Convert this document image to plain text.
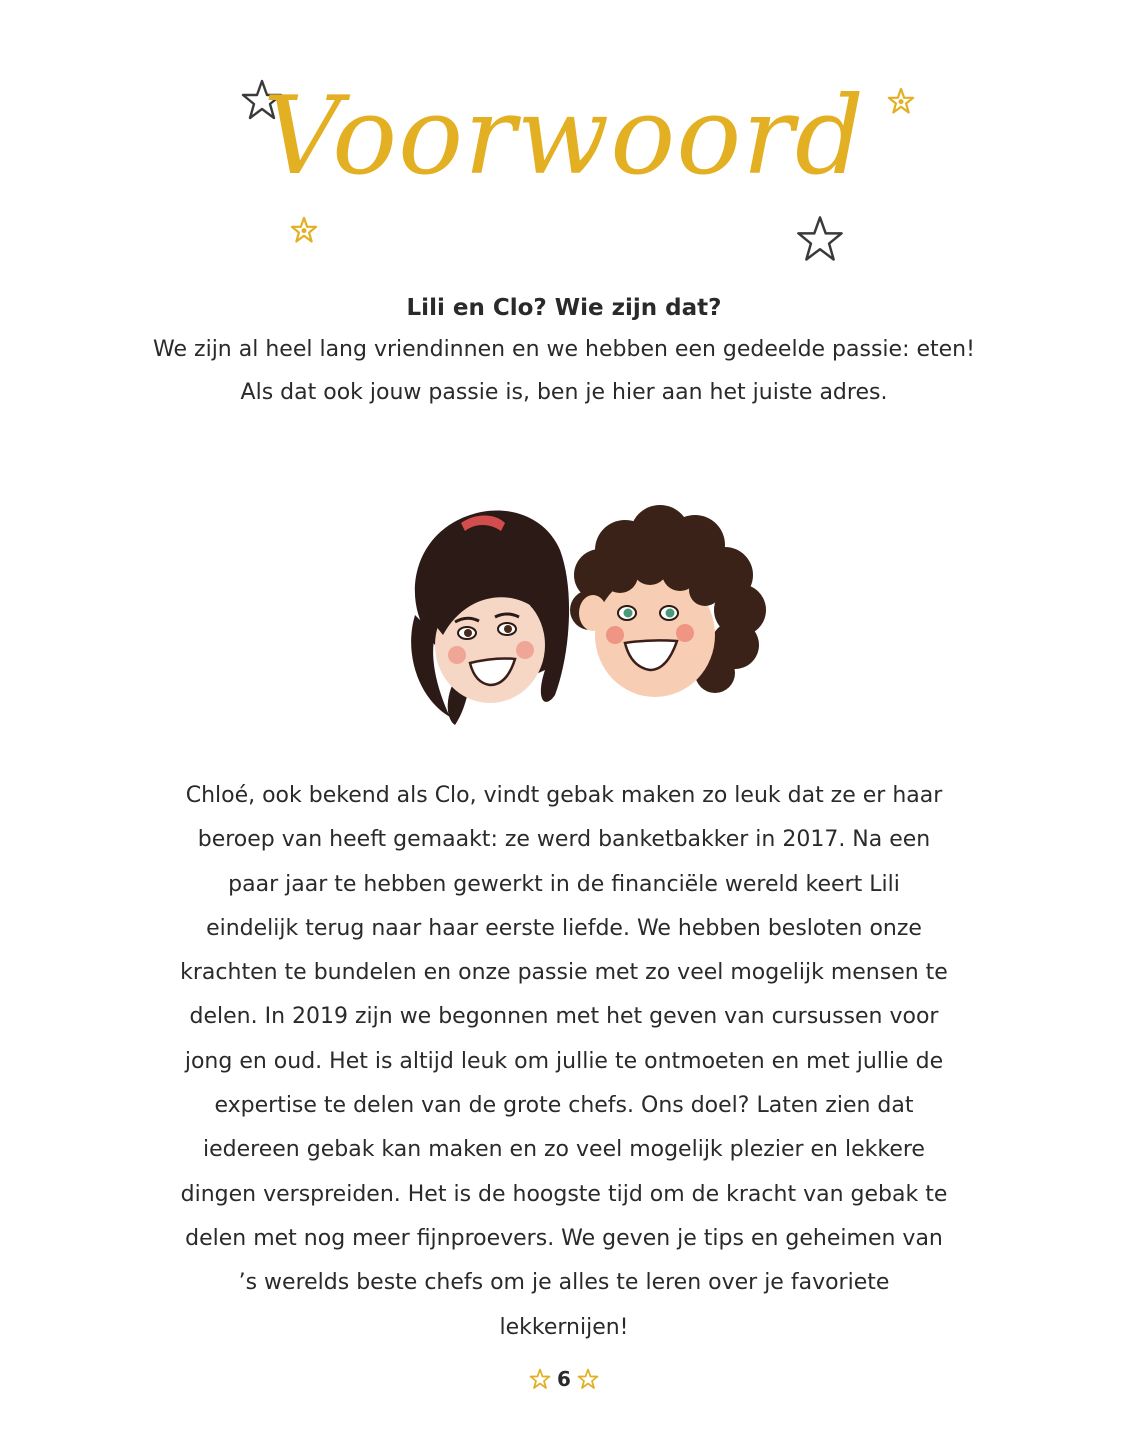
Voorwoord
Lili en Clo? Wie zijn dat?
We zijn al heel lang vriendinnen en we hebben een gedeelde passie: eten!
Als dat ook jouw passie is, ben je hier aan het juiste adres.
Chloé, ook bekend als Clo, vindt gebak maken zo leuk dat ze er haar beroep van heeft gemaakt: ze werd banketbakker in 2017. Na een paar jaar te hebben gewerkt in de financiële wereld keert Lili eindelijk terug naar haar eerste liefde. We hebben besloten onze krachten te bundelen en onze passie met zo veel mogelijk mensen te delen. In 2019 zijn we begonnen met het geven van cursussen voor jong en oud. Het is altijd leuk om jullie te ontmoeten en met jullie de expertise te delen van de grote chefs. Ons doel? Laten zien dat iedereen gebak kan maken en zo veel mogelijk plezier en lekkere dingen verspreiden. Het is de hoogste tijd om de kracht van gebak te delen met nog meer fijnproevers. We geven je tips en geheimen van ’s werelds beste chefs om je alles te leren over je favoriete lekkernijen!
6
